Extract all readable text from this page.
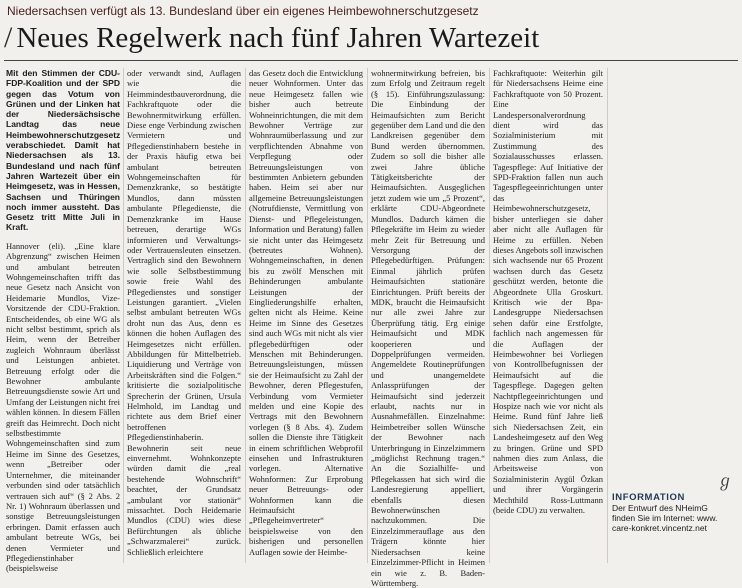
Niedersachsen verfügt als 13. Bundesland über ein eigenes Heimbewohnerschutzgesetz
/ Neues Regelwerk nach fünf Jahren Wartezeit

Mit den Stimmen der CDU-FDP-Koalition und der SPD gegen das Votum von Grünen und der Linken hat der Niedersächsische Landtag das neue Heimbewohnerschutzgesetz verabschiedet. Damit hat Niedersachsen als 13. Bundesland und nach fünf Jahren Wartezeit über ein Heimgesetz, was in Hessen, Sachsen und Thüringen noch immer aussteht. Das Gesetz tritt Mitte Juli in Kraft.

Hannover (eli). „Eine klare Abgrenzung“ zwischen Heimen und ambulant betreuten Wohngemeinschaften trifft das neue Gesetz nach Ansicht von Heidemarie Mundlos, Vize-Vorsitzende der CDU-Fraktion. Entscheidendes, ob eine WG als nicht selbst bestimmt, sprich als Heim, wenn der Betreiber zugleich Wohnraum überlässt und Leistungen anbietet. Betreuung erfolgt oder die Bewohner ambulante Betreuungsdienste sowie Art und Umfang der Leistungen nicht frei wählen können. In diesem Fällen greift das Heimrecht. Doch nicht selbstbestimmte Wohngemeinschaften sind zum Heime im Sinne des Gesetzes, wenn „Betreiber oder Unternehmer, die miteinander verbunden sind oder tatsächlich vertrauen sich auf“ (§ 2 Abs. 2 Nr. 1) Wohnraum überlassen und sonstige Betreuungsleistungen erbringen. Damit erfassen auch ambulant betreute WGs, bei denen Vermieter und Pflegedienstinhaber (beispielsweise

oder verwandt sind, Auflagen wie die Heimmindestbauverordnung, die Fachkraftquote oder die Bewohnermitwirkung erfüllen. Diese enge Verbindung zwischen Vermietern und Pflegedienstinhabern bestehe in der Praxis häufig etwa bei ambulant betreuten Wohngemeinschaften für Demenzkranke, so bestätigte Mundlos, dann müssten ambulante Pflegedienste, die Demenzkranke im Hause betreuen, derartige WGs informieren und Verwaltungs- oder Vertrauensleuten einsetzen. Vertraglich sind den Bewohnern wie solle Selbstbestimmung sowie freie Wahl des Pflegedienstes und sonstiger Leistungen garantiert. „Vielen selbst ambulant betreuten WGs droht nun das Aus, denn es können die hohen Auflagen des Heimgesetzes nicht erfüllen. Abbildungen für Mittelbetrieb. Liquidierung und Verträge von Arbeitskräften sind die Folgen.“ kritisierte die sozialpolitische Sprecherin der Grünen, Ursula Helmhold, im Landtag und richtete aus dem Brief einer betroffenen Pflegedienstinhaberin. Bewohnerin seit neue einvernehmt. Wohnkonzepte würden damit die „real bestehende Wohnschrift“ beachtet, der Grundsatz „ambulant vor stationär“ missachtet. Doch Heidemarie Mundlos (CDU) wies diese Befürchtungen als übliche „Schwarzmalerei“ zurück. Schließlich erleichtere

das Gesetz doch die Entwicklung neuer Wohnformen. Unter das neue Heimgesetz fallen wie bisher auch betreute Wohneinrichtungen, die mit dem Bewohner Verträge zur Wohnraumüberlassung und zur verpflichtenden Abnahme von Verpflegung oder Betreuungsleistungen von bestimmten Anbietern gebunden haben. Heim sei aber nur allgemeine Betreuungsleistungen (Notrufdienste, Vermittlung von Dienst- und Pflegeleistungen, Information und Beratung) fallen sie nicht unter das Heimgesetz (betreutes Wohnen). Wohngemeinschaften, in denen bis zu zwölf Menschen mit Behinderungen ambulante Leistungen der Eingliederungshilfe erhalten, gelten nicht als Heime. Keine Heime im Sinne des Gesetzes sind auch WGs mit nicht als vier pflegebedürftigen oder Menschen mit Behinderungen. Betreuungsleistungen, müssen sie der Heimaufsicht zu Zahl der Bewohner, deren Pflegestufen, Verbindung vom Vermieter melden und eine Kopie des Vertrags mit den Bewohnern vorlegen (§ 8 Abs. 4). Zudem sollen die Dienste ihre Tätigkeit in einem schriftlichen Webprofil einsehen und Infrastrukturen vorlegen. Alternative Wohnformen: Zur Erprobung neuer Betreuungs- oder Wohnformen kann die Heimaufsicht „Pflegeheimvertreter“ beispielsweise von den bisherigen und personellen Auflagen sowie der Heimbe-

wohnermitwirkung befreien, bis zum Erfolg und Zeitraum regelt (§ 15). Einführungszulassung: Die Einbindung der Heimaufsichten zum Bericht gegenüber dem Land und die den Landkreisen gegenüber dem Bund werden übernommen. Zudem so soll die bisher alle zwei Jahre übliche Tätigkeitsberichte der Heimaufsichten. Ausgeglichen jetzt zudem wie um „5 Prozent“, erklärte CDU-Abgeordnete Mundlos. Dadurch kämen die Pflegekräfte im Heim zu wieder mehr Zeit für Betreuung und Versorgung der Pflegebedürftigen. Prüfungen: Einmal jährlich prüfen Heimaufsichten stationäre Einrichtungen. Prüft bereits der MDK, braucht die Heimaufsicht nur alle zwei Jahre zur Überprüfung tätig. Erg einige Heimaufsicht und MDK kooperieren und Doppelprüfungen vermeiden. Angemeldete Routineprüfungen und unangemeldete Anlassprüfungen der Heimaufsicht sind jederzeit erlaubt, nachts nur in Ausnahmefällen. Einzelnahme: Heimbetreiber sollen Wünsche der Bewohner nach Unterbringung in Einzelzimmern „möglichst Rechnung tragen.“ An die Sozialhilfe- und Pflegekassen hat sich wird die Landesregierung appelliert, ebenfalls diesen Bewohnerwünschen nachzukommen. Die Einzelzimmerauflage aus den Trägern könnte hier Niedersachsen keine Einzelzimmer-Pflicht in Heimen ein wie z. B. Baden-Württemberg.

Fachkraftquote: Weiterhin gilt für Niedersachsens Heime eine Fachkraftquote von 50 Prozent. Eine Landespersonalverordnung dient wird das Sozialministerium mit Zustimmung des Sozialausschusses erlassen. Tagespflege: Auf Initiative der SPD-Fraktion fallen nun auch Tagespflegeeinrichtungen unter das Heimbewohnerschutzgesetz, bisher unterliegen sie daher aber nicht alle Auflagen für Heime zu erfüllen. Neben dieses Angebots soll inzwischen sich wachsende nur 65 Prozent wachsen durch das Gesetz geschützt werden, betonte die Abgeordnete Ulla Groskurt. Kritisch wie der Bpa-Landesgruppe Niedersachsen sehen dafür eine Erstfolgte, fachlich nach angemessen für die Auflagen der Heimbewohner bei Vorliegen von Kontrollbefugnissen der Heimaufsicht auf die Tagespflege. Dagegen gelten Nachtpflegeeinrichtungen und Hospize nach wie vor nicht als Heime. Rund fünf Jahre ließ sich Niedersachsen Zeit, ein Landesheimgesetz auf den Weg zu bringen. Grüne und SPD nahmen dies zum Anlass, die Arbeitsweise von Sozialministerin Aygül Özkan und ihrer Vorgängerin Mechthild Ross-Luttmann (beide CDU) zu verwalten.

ℊ
INFORMATION
Der Entwurf des NHeimG
finden Sie im Internet: www.
care-konkret.vincentz.net
